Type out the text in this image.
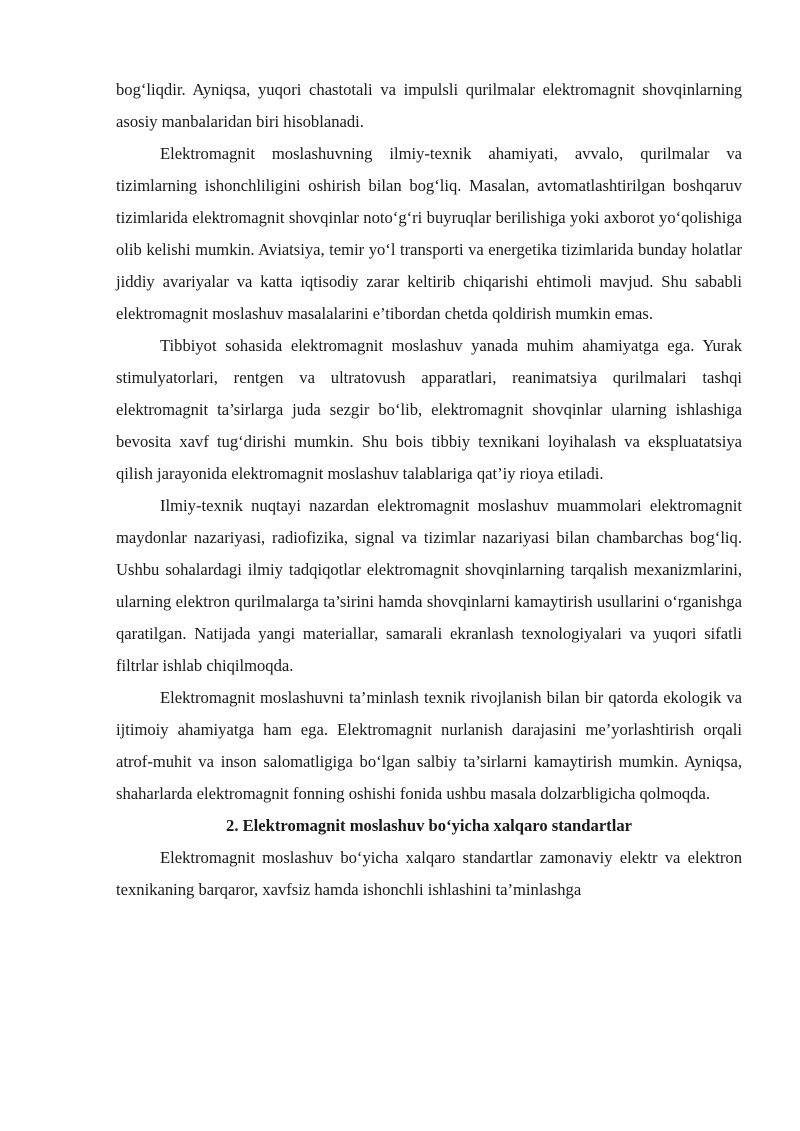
bog‘liqdir. Ayniqsa, yuqori chastotali va impulsli qurilmalar elektromagnit shovqinlarning asosiy manbalaridan biri hisoblanadi.

Elektromagnit moslashuvning ilmiy-texnik ahamiyati, avvalo, qurilmalar va tizimlarning ishonchliligini oshirish bilan bog‘liq. Masalan, avtomatlashtirilgan boshqaruv tizimlarida elektromagnit shovqinlar noto‘g‘ri buyruqlar berilishiga yoki axborot yo‘qolishiga olib kelishi mumkin. Aviatsiya, temir yo‘l transporti va energetika tizimlarida bunday holatlar jiddiy avariyalar va katta iqtisodiy zarar keltirib chiqarishi ehtimoli mavjud. Shu sababli elektromagnit moslashuv masalalarini e’tibordan chetda qoldirish mumkin emas.

Tibbiyot sohasida elektromagnit moslashuv yanada muhim ahamiyatga ega. Yurak stimulyatorlari, rentgen va ultratovush apparatlari, reanimatsiya qurilmalari tashqi elektromagnit ta’sirlarga juda sezgir bo‘lib, elektromagnit shovqinlar ularning ishlashiga bevosita xavf tug‘dirishi mumkin. Shu bois tibbiy texnikani loyihalash va ekspluatatsiya qilish jarayonida elektromagnit moslashuv talablariga qat’iy rioya etiladi.

Ilmiy-texnik nuqtayi nazardan elektromagnit moslashuv muammolari elektromagnit maydonlar nazariyasi, radiofizika, signal va tizimlar nazariyasi bilan chambarchas bog‘liq. Ushbu sohalardagi ilmiy tadqiqotlar elektromagnit shovqinlarning tarqalish mexanizmlarini, ularning elektron qurilmalarga ta’sirini hamda shovqinlarni kamaytirish usullarini o‘rganishga qaratilgan. Natijada yangi materiallar, samarali ekranlash texnologiyalari va yuqori sifatli filtrlar ishlab chiqilmoqda.

Elektromagnit moslashuvni ta’minlash texnik rivojlanish bilan bir qatorda ekologik va ijtimoiy ahamiyatga ham ega. Elektromagnit nurlanish darajasini me’yorlashtirish orqali atrof-muhit va inson salomatligiga bo‘lgan salbiy ta’sirlarni kamaytirish mumkin. Ayniqsa, shaharlarda elektromagnit fonning oshishi fonida ushbu masala dolzarbligicha qolmoqda.

2. Elektromagnit moslashuv bo‘yicha xalqaro standartlar

Elektromagnit moslashuv bo‘yicha xalqaro standartlar zamonaviy elektr va elektron texnikaning barqaror, xavfsiz hamda ishonchli ishlashini ta’minlashga
